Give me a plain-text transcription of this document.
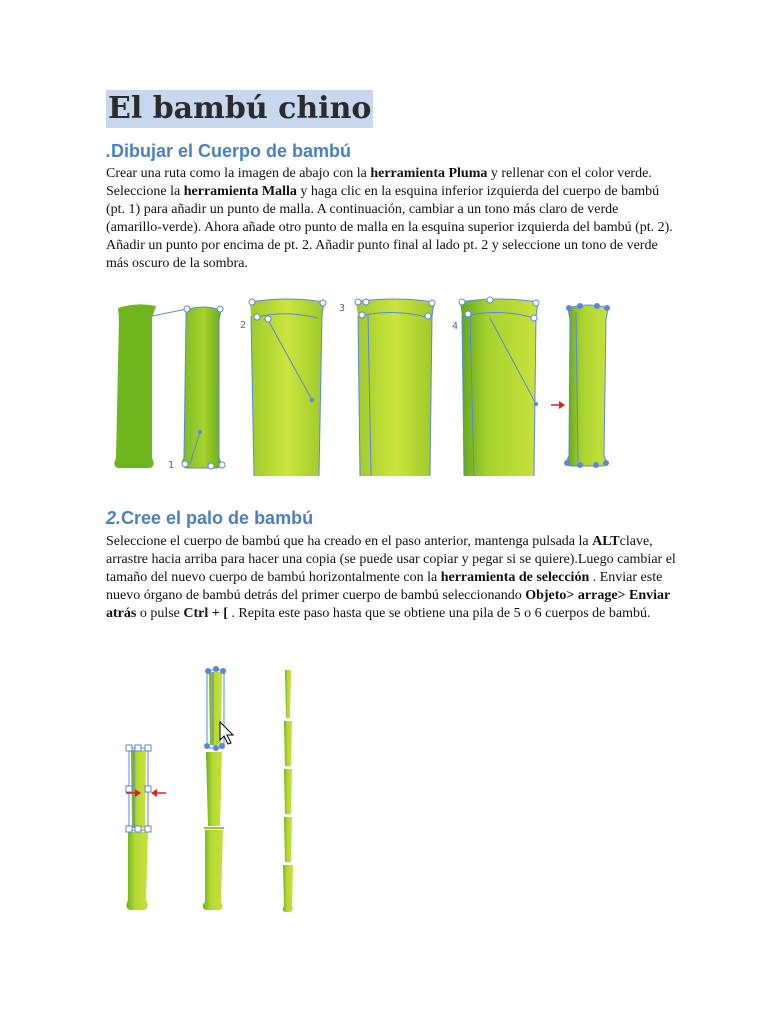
El bambú chino
.Dibujar el Cuerpo de bambú

Crear una ruta como la imagen de abajo con la herramienta Pluma y rellenar con el color verde. Seleccione la herramienta Malla y haga clic en la esquina inferior izquierda del cuerpo de bambú (pt. 1) para añadir un punto de malla. A continuación, cambiar a un tono más claro de verde (amarillo-verde). Ahora añade otro punto de malla en la esquina superior izquierda del bambú (pt. 2). Añadir un punto por encima de pt. 2. Añadir punto final al lado pt. 2 y seleccione un tono de verde más oscuro de la sombra.

1
2
3
4
2.Cree el palo de bambú

Seleccione el cuerpo de bambú que ha creado en el paso anterior, mantenga pulsada la ALTclave, arrastre hacia arriba para hacer una copia (se puede usar copiar y pegar si se quiere).Luego cambiar el tamaño del nuevo cuerpo de bambú horizontalmente con la herramienta de selección . Enviar este nuevo órgano de bambú detrás del primer cuerpo de bambú seleccionando Objeto> arrage> Enviar atrás o pulse Ctrl + [ . Repita este paso hasta que se obtiene una pila de 5 o 6 cuerpos de bambú.
